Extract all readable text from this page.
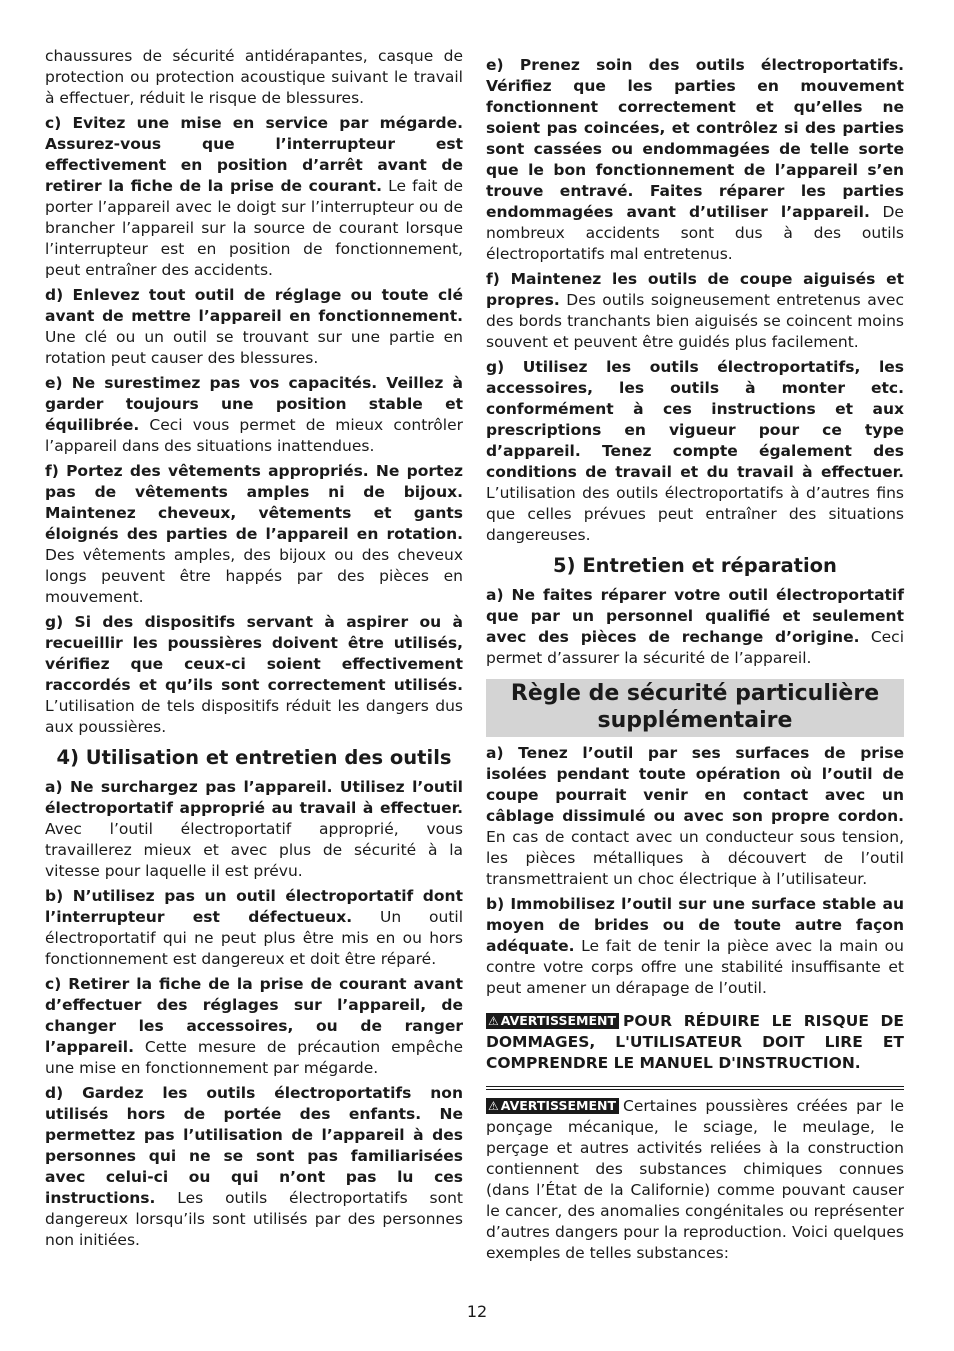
chaussures de sécurité antidérapantes, casque de protection ou protection acoustique suivant le travail à effectuer, réduit le risque de blessures.

c) Evitez une mise en service par mégarde. Assurez-vous que l’interrupteur est effectivement en position d’arrêt avant de retirer la fiche de la prise de courant. Le fait de porter l’appareil avec le doigt sur l’interrupteur ou de brancher l’appareil sur la source de courant lorsque l’interrupteur est en position de fonctionnement, peut entraîner des accidents.

d) Enlevez tout outil de réglage ou toute clé avant de mettre l’appareil en fonctionnement. Une clé ou un outil se trouvant sur une partie en rotation peut causer des blessures.

e) Ne surestimez pas vos capacités. Veillez à garder toujours une position stable et équilibrée. Ceci vous permet de mieux contrôler l’appareil dans des situations inattendues.

f) Portez des vêtements appropriés. Ne portez pas de vêtements amples ni de bijoux. Maintenez cheveux, vêtements et gants éloignés des parties de l’appareil en rotation. Des vêtements amples, des bijoux ou des cheveux longs peuvent être happés par des pièces en mouvement.

g) Si des dispositifs servant à aspirer ou à recueillir les poussières doivent être utilisés, vérifiez que ceux-ci soient effectivement raccordés et qu’ils sont correctement utilisés. L’utilisation de tels dispositifs réduit les dangers dus aux poussières.

4) Utilisation et entretien des outils

a) Ne surchargez pas l’appareil. Utilisez l’outil électroportatif approprié au travail à effectuer. Avec l’outil électroportatif approprié, vous travaillerez mieux et avec plus de sécurité à la vitesse pour laquelle il est prévu.

b) N’utilisez pas un outil électroportatif dont l’interrupteur est défectueux. Un outil électroportatif qui ne peut plus être mis en ou hors fonctionnement est dangereux et doit être réparé.

c) Retirer la fiche de la prise de courant avant d’effectuer des réglages sur l’appareil, de changer les accessoires, ou de ranger l’appareil. Cette mesure de précaution empêche une mise en fonctionnement par mégarde.

d) Gardez les outils électroportatifs non utilisés hors de portée des enfants. Ne permettez pas l’utilisation de l’appareil à des personnes qui ne se sont pas familiarisées avec celui-ci ou qui n’ont pas lu ces instructions. Les outils électroportatifs sont dangereux lorsqu’ils sont utilisés par des personnes non initiées.

e) Prenez soin des outils électroportatifs. Vérifiez que les parties en mouvement fonctionnent correctement et qu’elles ne soient pas coincées, et contrôlez si des parties sont cassées ou endommagées de telle sorte que le bon fonctionnement de l’appareil s’en trouve entravé. Faites réparer les parties endommagées avant d’utiliser l’appareil. De nombreux accidents sont dus à des outils électroportatifs mal entretenus.

f) Maintenez les outils de coupe aiguisés et propres. Des outils soigneusement entretenus avec des bords tranchants bien aiguisés se coincent moins souvent et peuvent être guidés plus facilement.

g) Utilisez les outils électroportatifs, les accessoires, les outils à monter etc. conformément à ces instructions et aux prescriptions en vigueur pour ce type d’appareil. Tenez compte également des conditions de travail et du travail à effectuer. L’utilisation des outils électroportatifs à d’autres fins que celles prévues peut entraîner des situations dangereuses.

5) Entretien et réparation

a) Ne faites réparer votre outil électroportatif que par un personnel qualifié et seulement avec des pièces de rechange d’origine. Ceci permet d’assurer la sécurité de l’appareil.

Règle de sécurité particulière supplémentaire

a) Tenez l’outil par ses surfaces de prise isolées pendant toute opération où l’outil de coupe pourrait venir en contact avec un câblage dissimulé ou avec son propre cordon. En cas de contact avec un conducteur sous tension, les pièces métalliques à découvert de l’outil transmettraient un choc électrique à l’utilisateur.

b) Immobilisez l’outil sur une surface stable au moyen de brides ou de toute autre façon adéquate. Le fait de tenir la pièce avec la main ou contre votre corps offre une stabilité insuffisante et peut amener un dérapage de l’outil.

⚠ AVERTISSEMENT POUR RÉDUIRE LE RISQUE DE DOMMAGES, L'UTILISATEUR DOIT LIRE ET COMPRENDRE LE MANUEL D'INSTRUCTION.

⚠ AVERTISSEMENT Certaines poussières créées par le ponçage mécanique, le sciage, le meulage, le perçage et autres activités reliées à la construction contiennent des substances chimiques connues (dans l’État de la Californie) comme pouvant causer le cancer, des anomalies congénitales ou représenter d’autres dangers pour la reproduction. Voici quelques exemples de telles substances:

12
